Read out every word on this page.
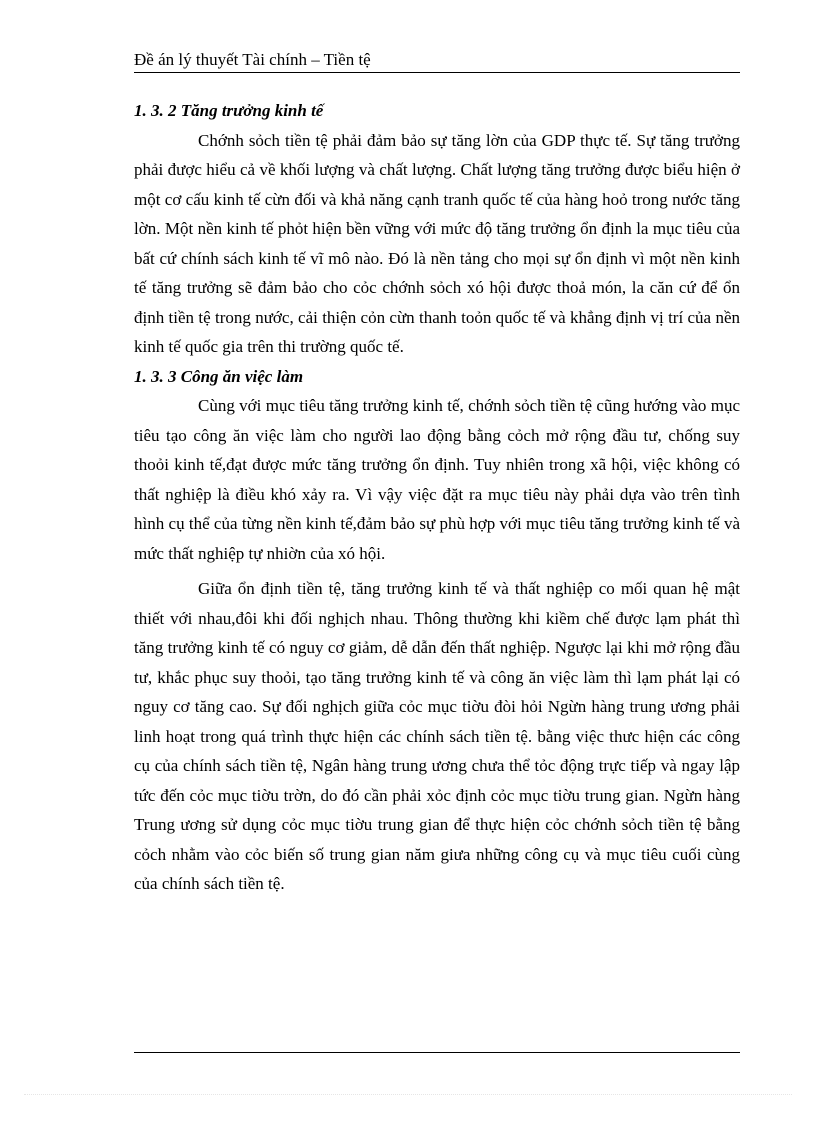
Đề án lý thuyết Tài chính – Tiền tệ

1. 3. 2 Tăng trưởng kinh tế

Chớnh sỏch tiền tệ phải đảm bảo sự tăng lờn của GDP thực tế. Sự tăng trưởng phải được hiểu cả về khối lượng và chất lượng. Chất lượng tăng trưởng được biểu hiện ở một cơ cấu kinh tế cừn đối và khả năng cạnh tranh quốc tế của hàng hoỏ trong nước tăng lờn. Một nền kinh tế phỏt hiện bền vững với mức độ tăng trưởng ổn định la mục tiêu của bất cứ chính sách kinh tế vĩ mô nào. Đó là nền tảng cho mọi sự ổn định vì một nền kinh tế tăng trưởng sẽ đảm bảo cho cỏc chớnh sỏch xó hội được thoả món, la căn cứ để ổn định tiền tệ trong nước, cải thiện cỏn cừn thanh toỏn quốc tế và khẳng định vị trí của nền kinh tế quốc gia trên thi trường quốc tế.

1. 3. 3 Công ăn việc làm

Cùng với mục tiêu tăng trưởng kinh tế, chớnh sỏch tiền tệ cũng hướng vào mục tiêu tạo công ăn việc làm cho người lao động bằng cỏch mở rộng đầu tư, chống suy thoỏi kinh tế,đạt được mức tăng trưởng ổn định. Tuy nhiên trong xã hội, việc không có thất nghiệp là điều khó xảy ra. Vì vậy việc đặt ra mục tiêu này phải dựa vào trên tình hình cụ thể của từng nền kinh tế,đảm bảo sự phù hợp với mục tiêu tăng trưởng kinh tế và mức thất nghiệp tự nhiờn của xó hội.

Giữa ổn định tiền tệ, tăng trưởng kinh tế và thất nghiệp co mối quan hệ mật thiết với nhau,đôi khi đối nghịch nhau. Thông thường khi kiềm chế được lạm phát thì tăng trưởng kinh tế có nguy cơ giảm, dễ dẫn đến thất nghiệp. Ngược lại khi mở rộng đầu tư, khắc phục suy thoỏi, tạo tăng trưởng kinh tế và công ăn việc làm thì lạm phát lại có nguy cơ tăng cao. Sự đối nghịch giữa cỏc mục tiờu đòi hỏi Ngừn hàng trung ương phải linh hoạt trong quá trình thực hiện các chính sách tiền tệ. bằng việc thưc hiện các công cụ của chính sách tiền tệ, Ngân hàng trung ương chưa thể tỏc động trực tiếp và ngay lập tức đến cỏc mục tiờu trờn, do đó cần phải xỏc định cỏc mục tiờu trung gian. Ngừn hàng Trung ương sử dụng cỏc mục tiờu trung gian để thực hiện cỏc chớnh sỏch tiền tệ bằng cỏch nhằm vào cỏc biến số trung gian năm giưa những công cụ và mục tiêu cuối cùng của chính sách tiền tệ.
